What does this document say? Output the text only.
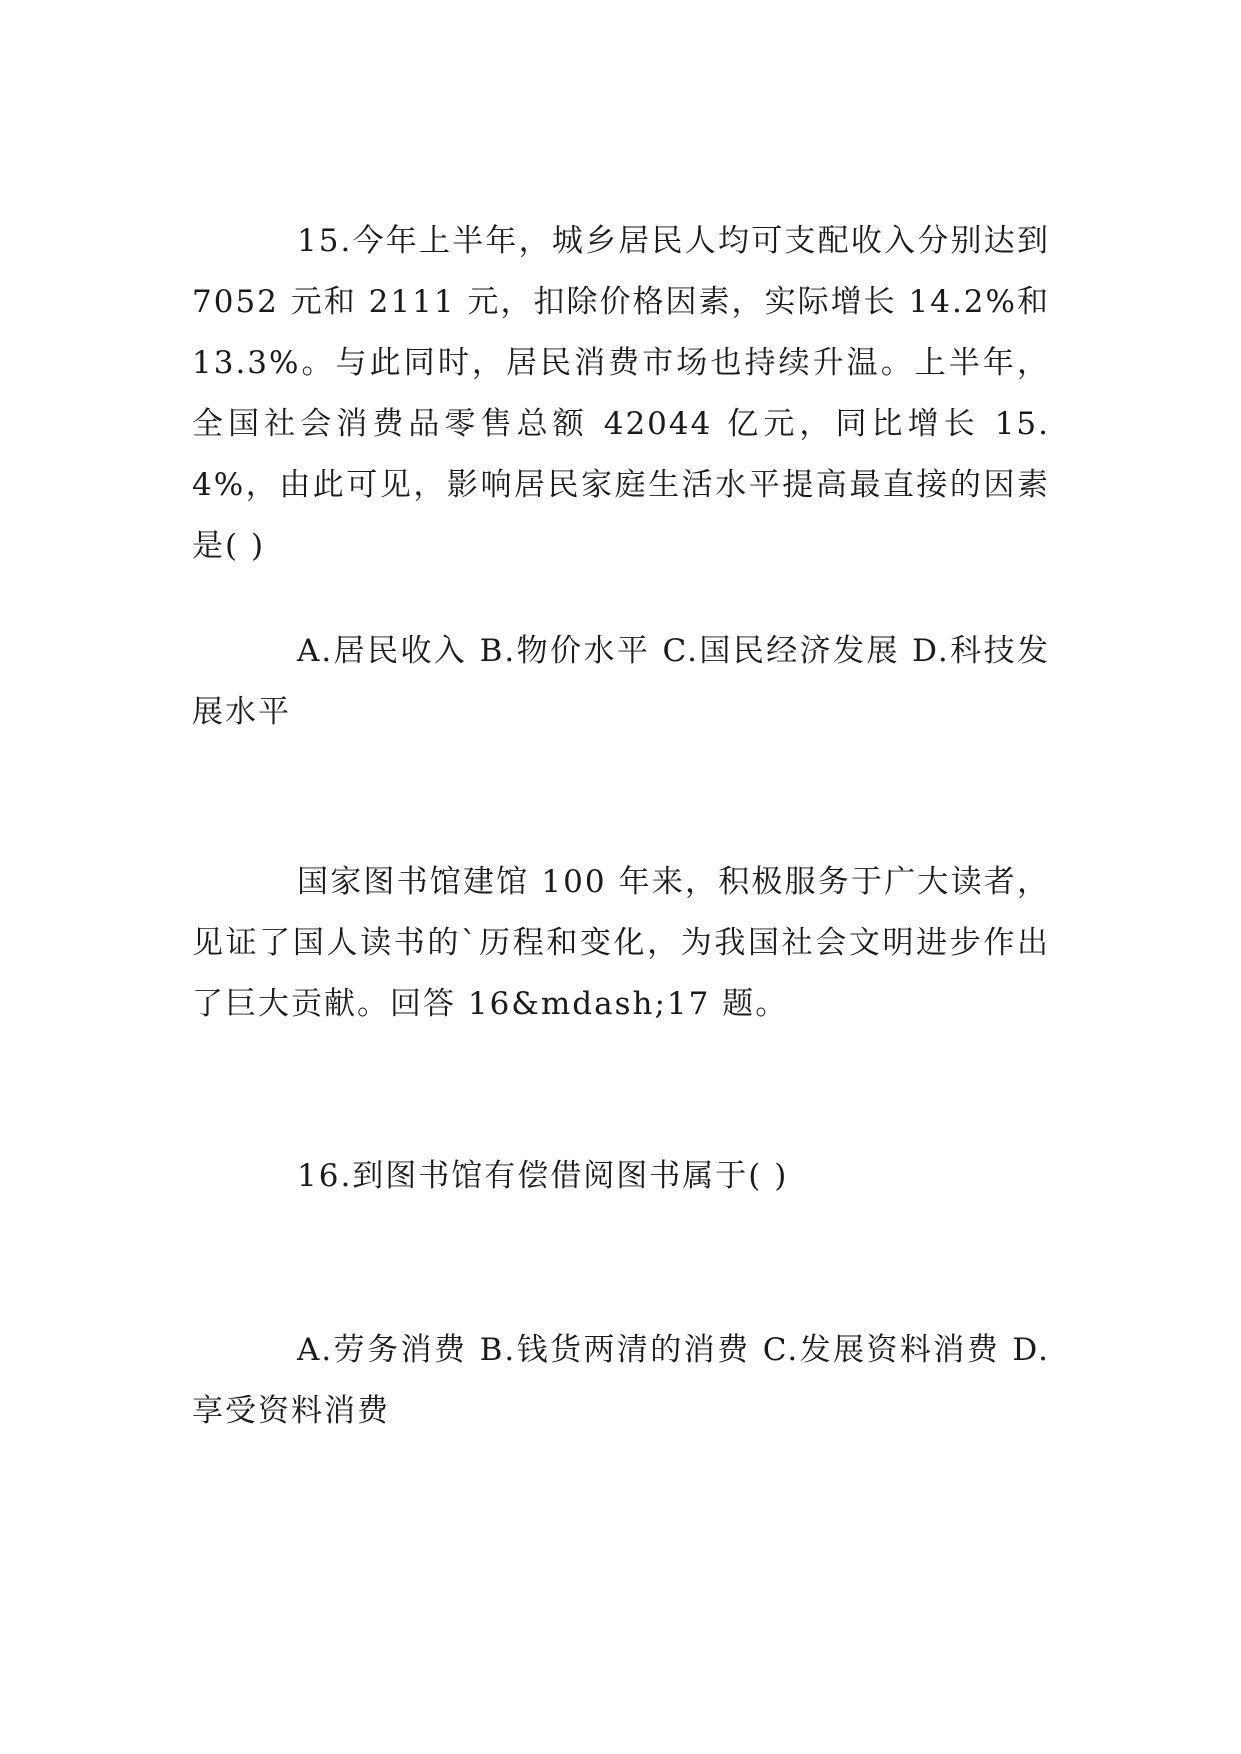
15.今年上半年，城乡居民人均可支配收入分别达到7052 元和 2111 元，扣除价格因素，实际增长 14.2%和13.3%。与此同时，居民消费市场也持续升温。上半年，全国社会消费品零售总额 42044 亿元，同比增长 15.4%，由此可见，影响居民家庭生活水平提高最直接的因素是( )

A.居民收入 B.物价水平 C.国民经济发展 D.科技发展水平

国家图书馆建馆 100 年来，积极服务于广大读者，见证了国人读书的`历程和变化，为我国社会文明进步作出了巨大贡献。回答 16&mdash;17 题。

16.到图书馆有偿借阅图书属于( )

A.劳务消费 B.钱货两清的消费 C.发展资料消费 D.享受资料消费
